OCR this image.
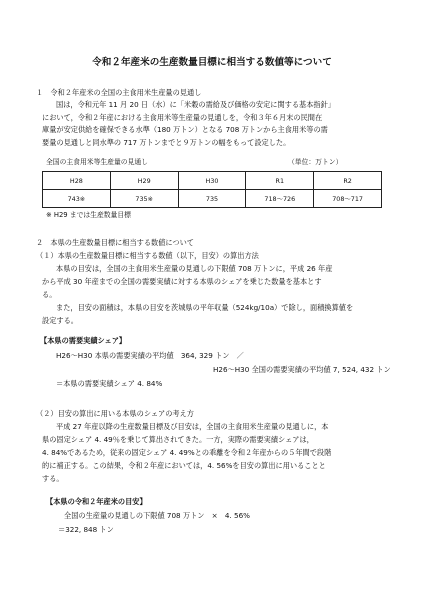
令和２年産米の生産数量目標に相当する数値等について
１　令和２年産米の全国の主食用米生産量の見通し
国は，令和元年 11 月 20 日（水）に「米穀の需給及び価格の安定に関する基本指針」
において，令和２年産における主食用米等生産量の見通しを，令和３年６月末の民間在
庫量が安定供給を確保できる水準（180 万トン）となる 708 万トンから主食用米等の需
要量の見通しと同水準の 717 万トンまでと９万トンの幅をもって設定した。
全国の主食用米等生産量の見通し	（単位：万トン）
H28	H29	H30	R1	R2
743※	735※	735	718～726	708～717
※ H29 までは生産数量目標
２　本県の生産数量目標に相当する数値について
（１）本県の生産数量目標に相当する数値（以下，目安）の算出方法
本県の目安は，全国の主食用米生産量の見通しの下限値 708 万トンに，平成 26 年産
から平成 30 年産までの全国の需要実績に対する本県のシェアを乗じた数量を基本とす
る。
また，目安の面積は，本県の目安を茨城県の平年収量（524kg/10a）で除し，面積換算値を
設定する。
【本県の需要実績シェア】
H26～H30 本県の需要実績の平均値　364, 329 トン　／
H26～H30 全国の需要実績の平均値 7, 524, 432 トン
＝本県の需要実績シェア 4. 84%
（２）目安の算出に用いる本県のシェアの考え方
平成 27 年産以降の生産数量目標及び目安は，全国の主食用米生産量の見通しに，本
県の固定シェア 4. 49％を乗じて算出されてきた。一方，実際の需要実績シェアは，
4. 84%であるため，従来の固定シェア 4. 49%との乖離を令和２年産からの５年間で段階
的に補正する。この結果，令和２年産においては，4. 56%を目安の算出に用いることと
する。
【本県の令和２年産米の目安】
全国の生産量の見通しの下限値 708 万トン　×　4. 56%
＝322, 848 トン
